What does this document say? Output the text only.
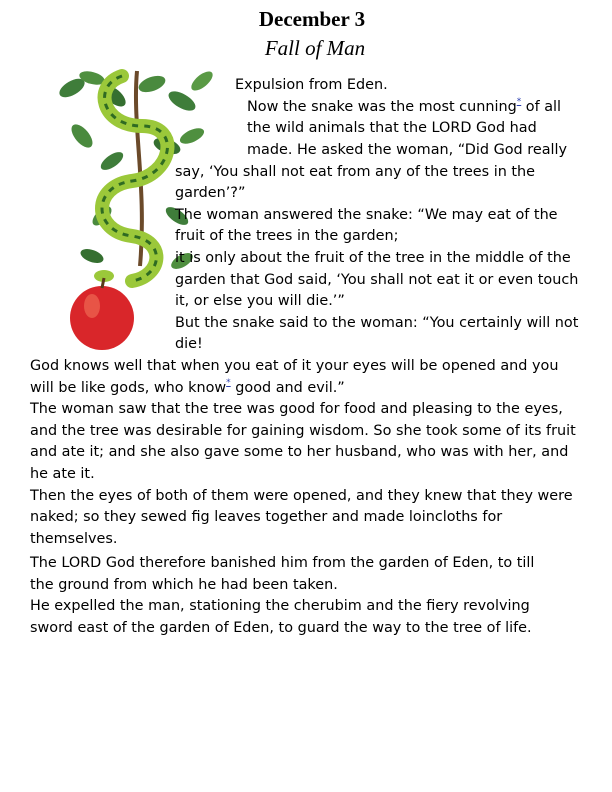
December 3
Fall of Man
Expulsion from Eden.
Now the snake was the most cunning* of all
the wild animals that the LORD God had
made. He asked the woman, “Did God really
say, ‘You shall not eat from any of the trees in the
garden’?”
The woman answered the snake: “We may eat of the
fruit of the trees in the garden;
it is only about the fruit of the tree in the middle of the
garden that God said, ‘You shall not eat it or even touch
it, or else you will die.’”
But the snake said to the woman: “You certainly will not
die!
God knows well that when you eat of it your eyes will be opened and you
will be like gods, who know* good and evil.”
The woman saw that the tree was good for food and pleasing to the eyes,
and the tree was desirable for gaining wisdom. So she took some of its fruit
and ate it; and she also gave some to her husband, who was with her, and
he ate it.
Then the eyes of both of them were opened, and they knew that they were
naked; so they sewed fig leaves together and made loincloths for
themselves.
The LORD God therefore banished him from the garden of Eden, to till
the ground from which he had been taken.
He expelled the man, stationing the cherubim and the fiery revolving
sword east of the garden of Eden, to guard the way to the tree of life.
